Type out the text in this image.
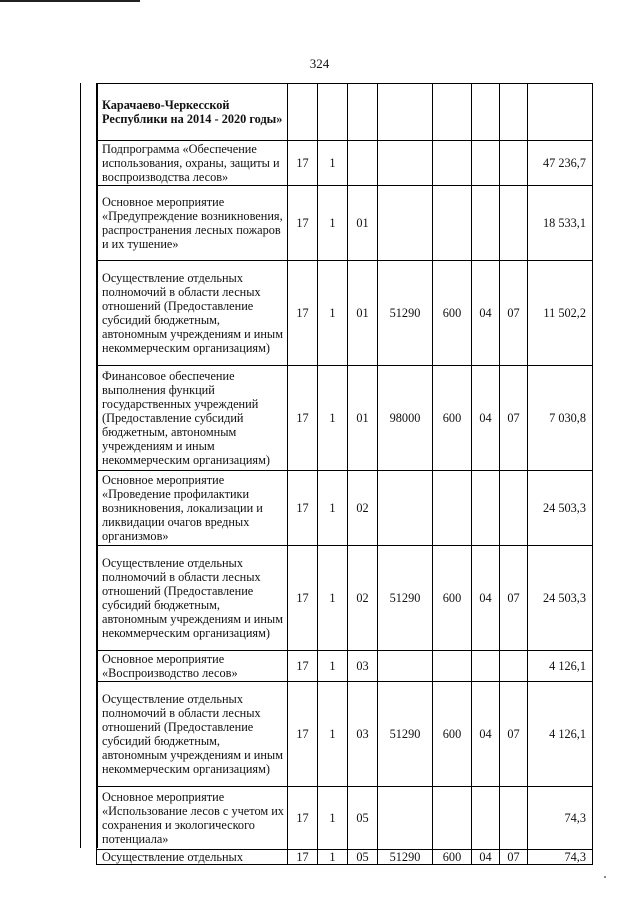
324
Карачаево-Черкесской Республики на 2014 - 2020 годы»								
Подпрограмма «Обеспечение использования, охраны, защиты и воспроизводства лесов»	17	1						47 236,7
Основное мероприятие «Предупреждение возникновения, распространения лесных пожаров и их тушение»	17	1	01					18 533,1
Осуществление отдельных полномочий в области лесных отношений (Предоставление субсидий бюджетным, автономным учреждениям и иным некоммерческим организациям)	17	1	01	51290	600	04	07	11 502,2
Финансовое обеспечение выполнения функций государственных учреждений (Предоставление субсидий бюджетным, автономным учреждениям и иным некоммерческим организациям)	17	1	01	98000	600	04	07	7 030,8
Основное мероприятие «Проведение профилактики возникновения, локализации и ликвидации очагов вредных организмов»	17	1	02					24 503,3
Осуществление отдельных полномочий в области лесных отношений (Предоставление субсидий бюджетным, автономным учреждениям и иным некоммерческим организациям)	17	1	02	51290	600	04	07	24 503,3
Основное мероприятие «Воспроизводство лесов»	17	1	03					4 126,1
Осуществление отдельных полномочий в области лесных отношений (Предоставление субсидий бюджетным, автономным учреждениям и иным некоммерческим организациям)	17	1	03	51290	600	04	07	4 126,1
Основное мероприятие «Использование лесов с учетом их сохранения и экологического потенциала»	17	1	05					74,3
Осуществление отдельных	17	1	05	51290	600	04	07	74,3
